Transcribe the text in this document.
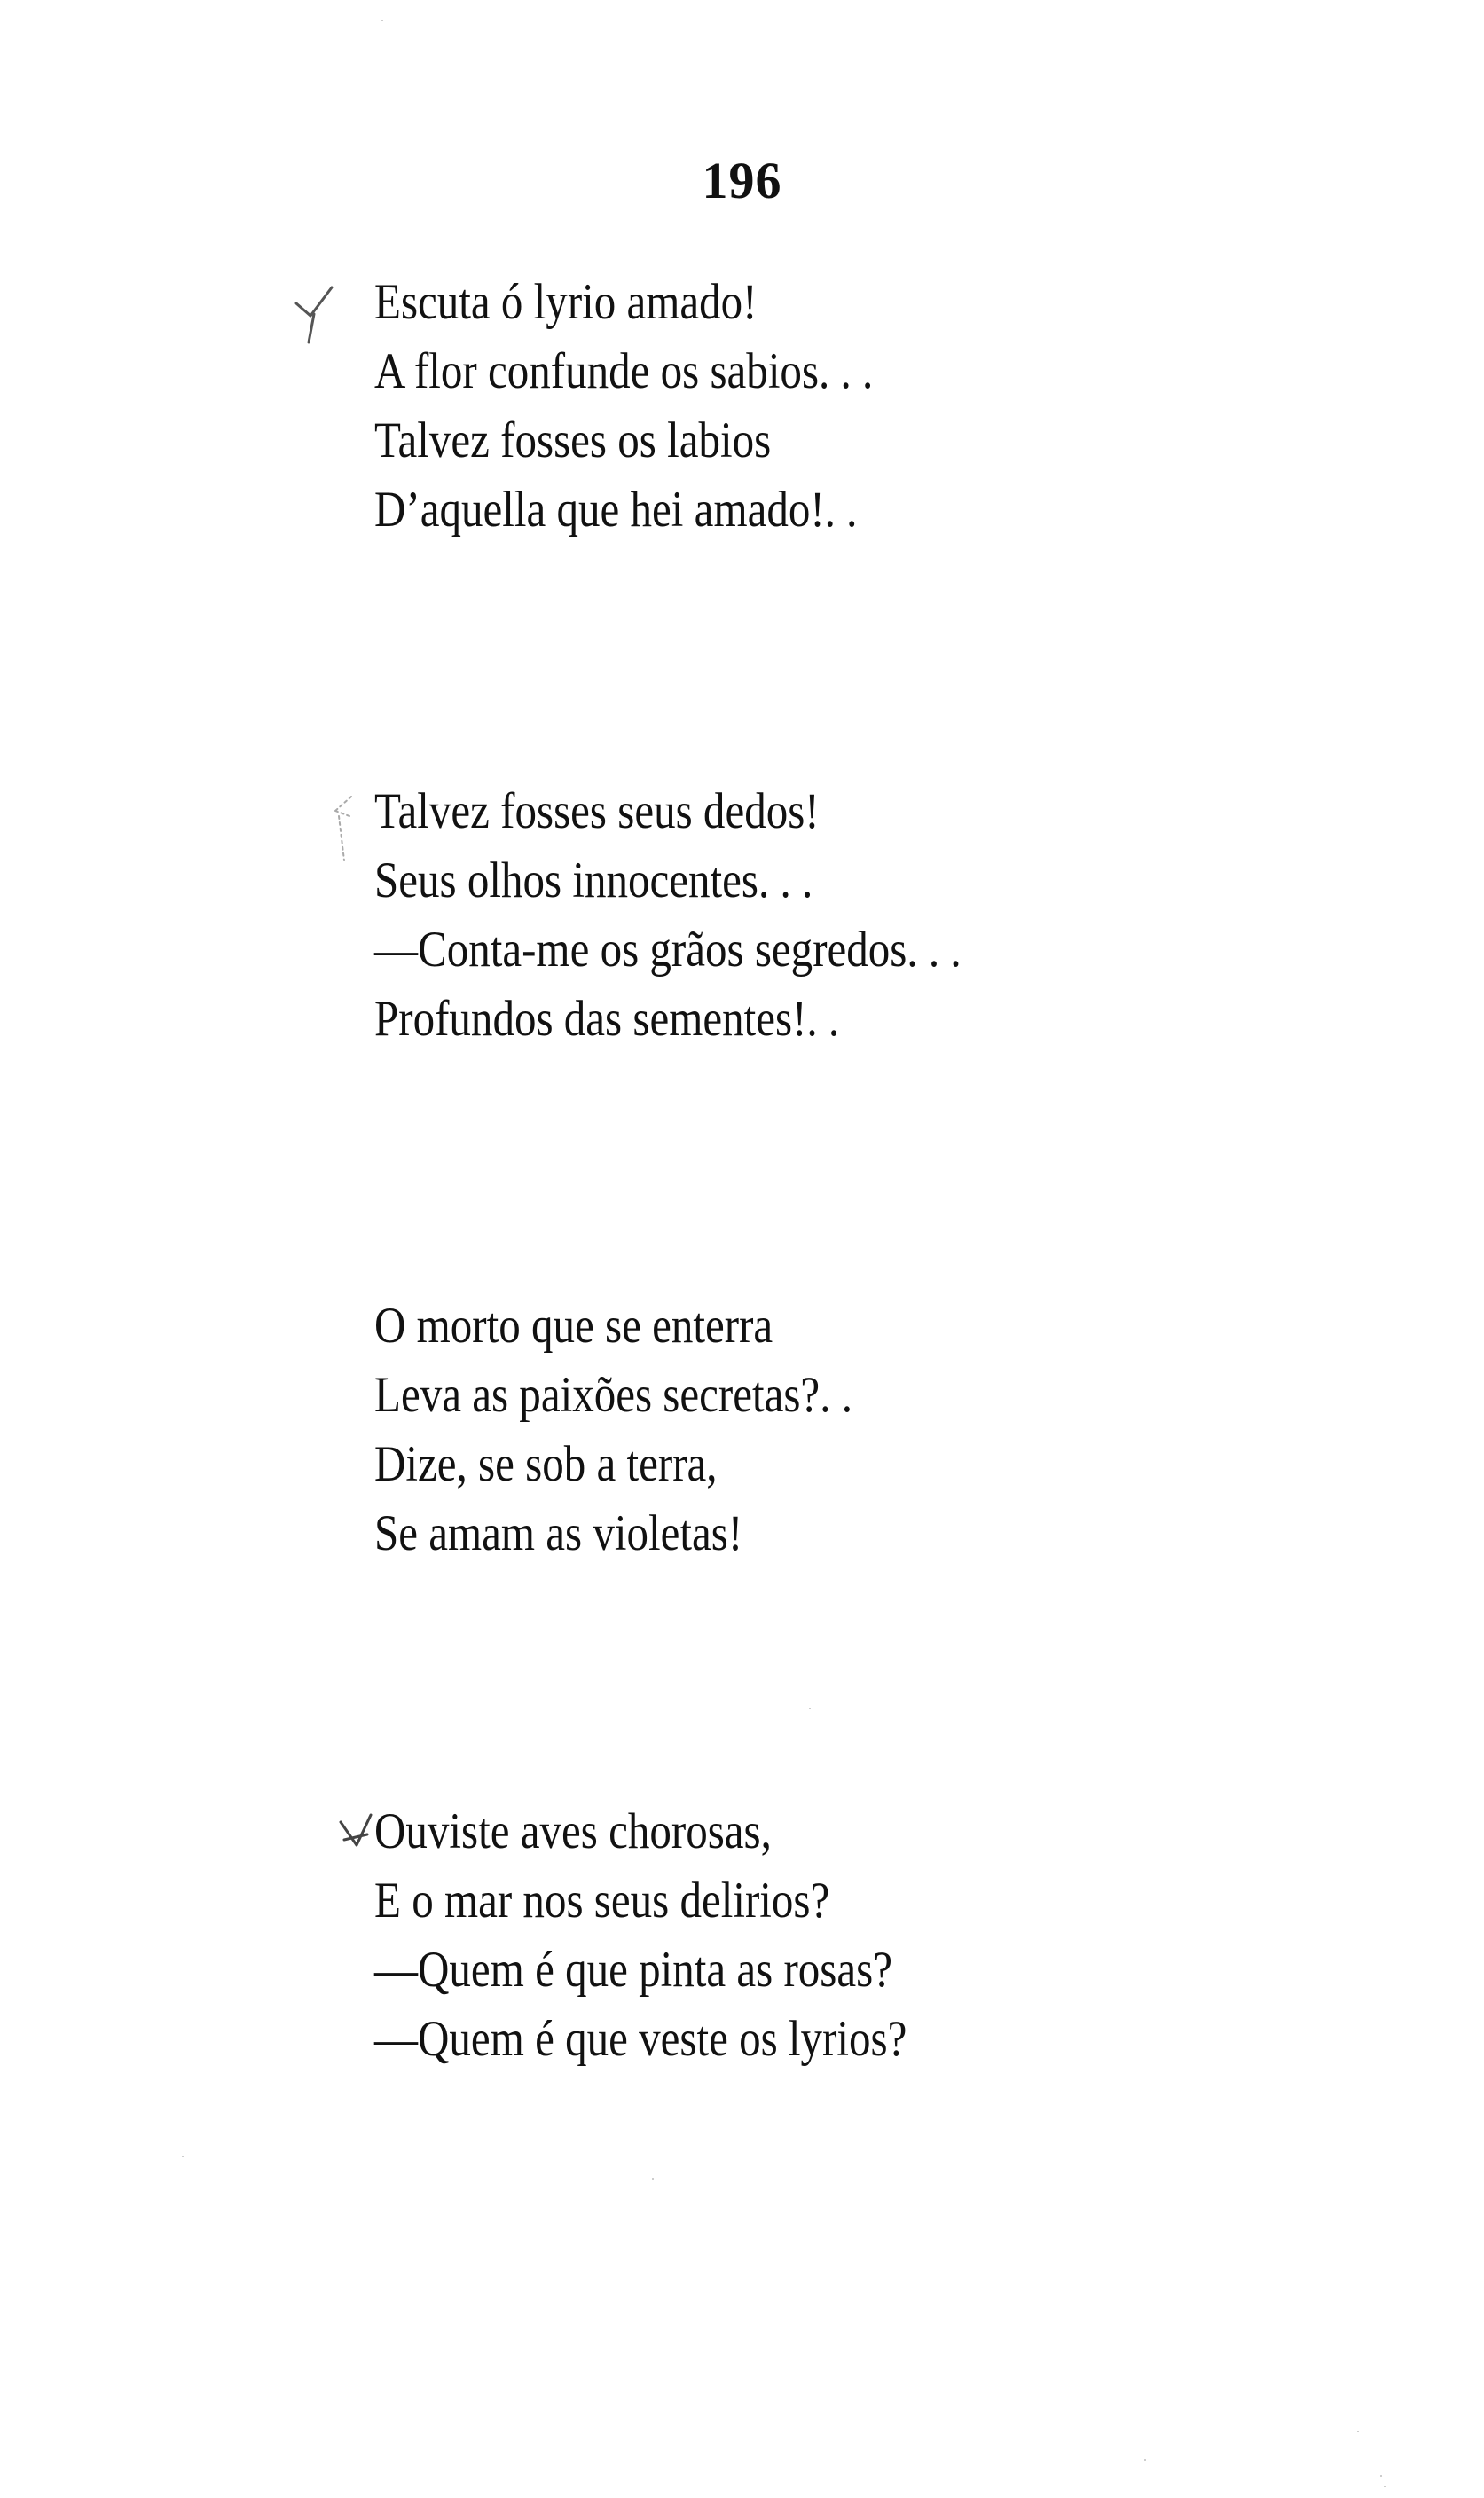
196
Escuta ó lyrio amado!
A flor confunde os sabios. . .
Talvez fosses os labios
D’aquella que hei amado!. .
Talvez fosses seus dedos!
Seus olhos innocentes. . .
—Conta-me os grãos segredos. . .
Profundos das sementes!. .
O morto que se enterra
Leva as paixões secretas?. .
Dize, se sob a terra,
Se amam as violetas!
Ouviste aves chorosas,
E o mar nos seus delirios?
—Quem é que pinta as rosas?
—Quem é que veste os lyrios?
